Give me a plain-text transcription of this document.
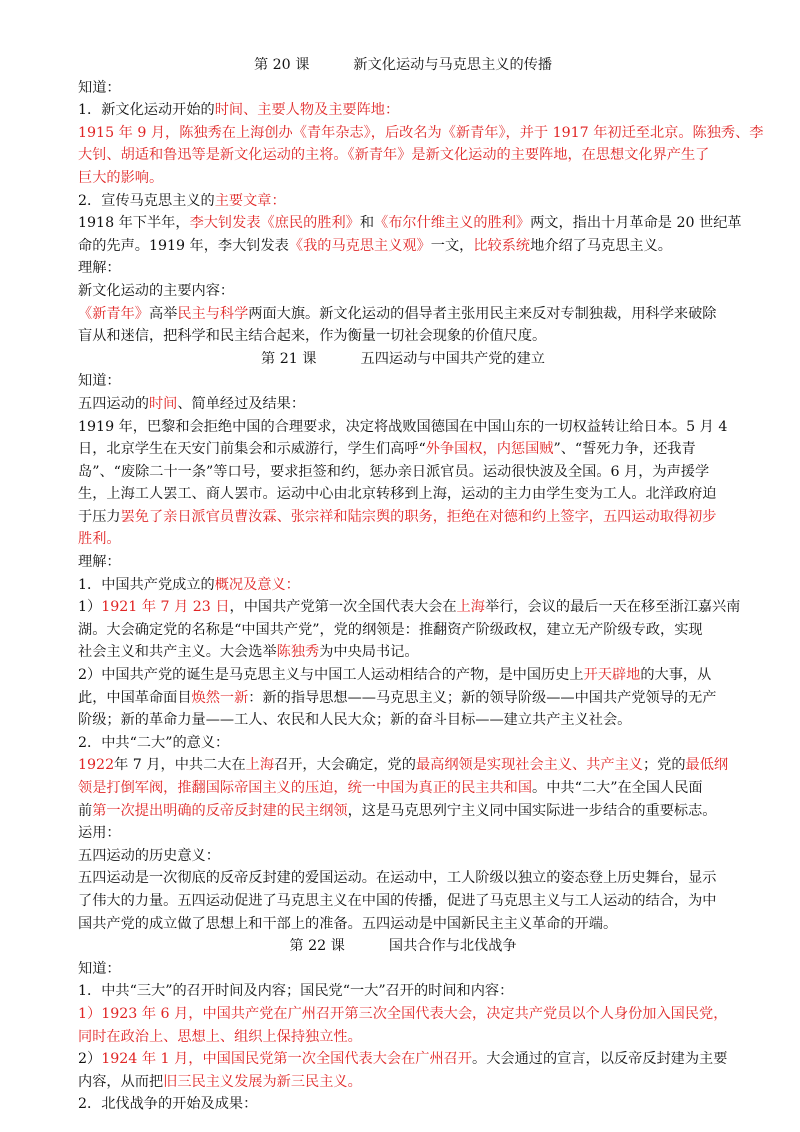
第 20 课	新文化运动与马克思主义的传播
知道：
1．新文化运动开始的时间、主要人物及主要阵地：
1915 年 9 月，陈独秀在上海创办《青年杂志》，后改名为《新青年》，并于 1917 年初迁至北京。陈独秀、李
大钊、胡适和鲁迅等是新文化运动的主将。《新青年》是新文化运动的主要阵地，在思想文化界产生了
巨大的影响。
2．宣传马克思主义的主要文章：
1918 年下半年，李大钊发表《庶民的胜利》和《布尔什维主义的胜利》两文，指出十月革命是 20 世纪革
命的先声。1919 年，李大钊发表《我的马克思主义观》一文，比较系统地介绍了马克思主义。
理解：
新文化运动的主要内容：
《新青年》高举民主与科学两面大旗。新文化运动的倡导者主张用民主来反对专制独裁，用科学来破除
盲从和迷信，把科学和民主结合起来，作为衡量一切社会现象的价值尺度。
第 21 课	五四运动与中国共产党的建立
知道：
五四运动的时间、简单经过及结果：
1919 年，巴黎和会拒绝中国的合理要求，决定将战败国德国在中国山东的一切权益转让给日本。5 月 4
日，北京学生在天安门前集会和示威游行，学生们高呼“外争国权，内惩国贼”、“誓死力争，还我青
岛”、“废除二十一条”等口号，要求拒签和约，惩办亲日派官员。运动很快波及全国。6 月，为声援学
生，上海工人罢工、商人罢市。运动中心由北京转移到上海，运动的主力由学生变为工人。北洋政府迫
于压力罢免了亲日派官员曹汝霖、张宗祥和陆宗舆的职务，拒绝在对德和约上签字，五四运动取得初步
胜利。
理解：
1．中国共产党成立的概况及意义：
1）1921 年 7 月 23 日，中国共产党第一次全国代表大会在上海举行，会议的最后一天在移至浙江嘉兴南
湖。大会确定党的名称是“中国共产党”，党的纲领是：推翻资产阶级政权，建立无产阶级专政，实现
社会主义和共产主义。大会选举陈独秀为中央局书记。
2）中国共产党的诞生是马克思主义与中国工人运动相结合的产物，是中国历史上开天辟地的大事，从
此，中国革命面目焕然一新：新的指导思想——马克思主义；新的领导阶级——中国共产党领导的无产
阶级；新的革命力量——工人、农民和人民大众；新的奋斗目标——建立共产主义社会。
2．中共“二大”的意义：
1922年 7 月，中共二大在上海召开，大会确定，党的最高纲领是实现社会主义、共产主义；党的最低纲
领是打倒军阀，推翻国际帝国主义的压迫，统一中国为真正的民主共和国。中共“二大”在全国人民面
前第一次提出明确的反帝反封建的民主纲领，这是马克思列宁主义同中国实际进一步结合的重要标志。
运用：
五四运动的历史意义：
五四运动是一次彻底的反帝反封建的爱国运动。在运动中，工人阶级以独立的姿态登上历史舞台，显示
了伟大的力量。五四运动促进了马克思主义在中国的传播，促进了马克思主义与工人运动的结合，为中
国共产党的成立做了思想上和干部上的准备。五四运动是中国新民主主义革命的开端。
第 22 课	国共合作与北伐战争
知道：
1．中共“三大”的召开时间及内容；国民党“一大”召开的时间和内容：
1）1923 年 6 月，中国共产党在广州召开第三次全国代表大会，决定共产党员以个人身份加入国民党，
同时在政治上、思想上、组织上保持独立性。
2）1924 年 1 月，中国国民党第一次全国代表大会在广州召开。大会通过的宣言，以反帝反封建为主要
内容，从而把旧三民主义发展为新三民主义。
2．北伐战争的开始及成果：
